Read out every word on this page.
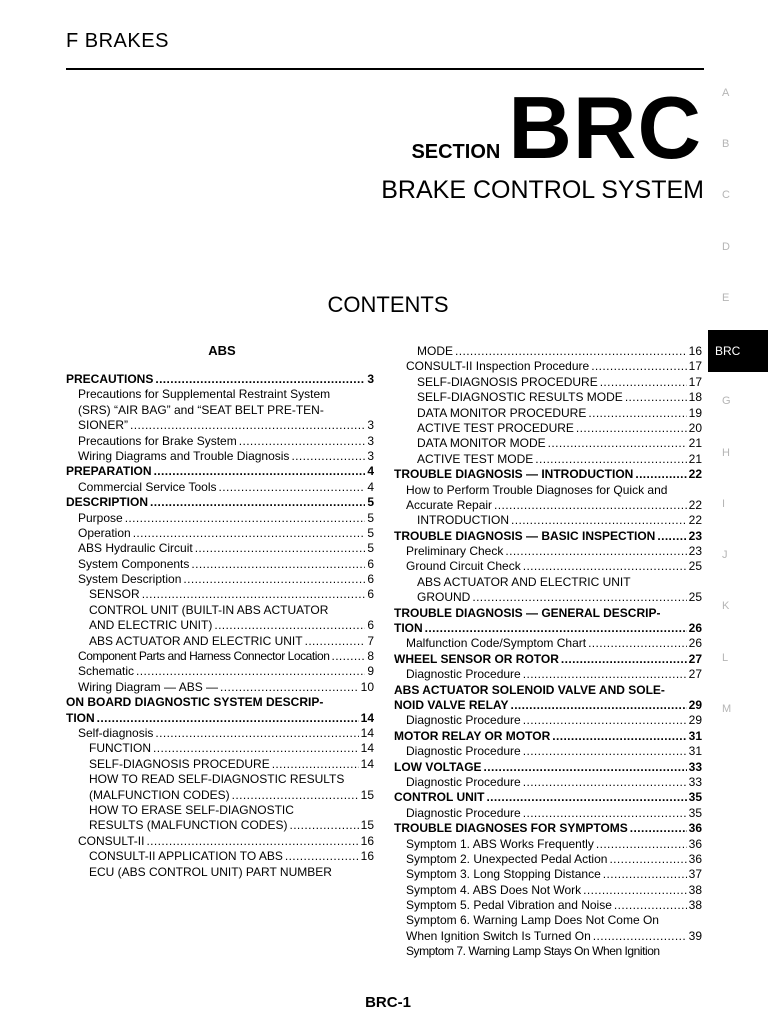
F BRAKES
SECTION BRC
BRAKE CONTROL SYSTEM
CONTENTS
ABS
PRECAUTIONS .....	3
Precautions for Supplemental Restraint System
(SRS) “AIR BAG” and “SEAT BELT PRE-TEN-
SIONER” .....	3
Precautions for Brake System .....	3
Wiring Diagrams and Trouble Diagnosis .....	3
PREPARATION .....	4
Commercial Service Tools .....	4
DESCRIPTION .....	5
Purpose .....	5
Operation .....	5
ABS Hydraulic Circuit .....	5
System Components .....	6
System Description .....	6
SENSOR .....	6
CONTROL UNIT (BUILT-IN ABS ACTUATOR
AND ELECTRIC UNIT) .....	6
ABS ACTUATOR AND ELECTRIC UNIT .....	7
Component Parts and Harness Connector Location .....	8
Schematic .....	9
Wiring Diagram — ABS — .....	10
ON BOARD DIAGNOSTIC SYSTEM DESCRIP-
TION .....	14
Self-diagnosis .....	14
FUNCTION .....	14
SELF-DIAGNOSIS PROCEDURE .....	14
HOW TO READ SELF-DIAGNOSTIC RESULTS
(MALFUNCTION CODES) .....	15
HOW TO ERASE SELF-DIAGNOSTIC
RESULTS (MALFUNCTION CODES) .....	15
CONSULT-II .....	16
CONSULT-II APPLICATION TO ABS .....	16
ECU (ABS CONTROL UNIT) PART NUMBER
MODE .....	16
CONSULT-II Inspection Procedure .....	17
SELF-DIAGNOSIS PROCEDURE .....	17
SELF-DIAGNOSTIC RESULTS MODE .....	18
DATA MONITOR PROCEDURE .....	19
ACTIVE TEST PROCEDURE .....	20
DATA MONITOR MODE .....	21
ACTIVE TEST MODE .....	21
TROUBLE DIAGNOSIS — INTRODUCTION .....	22
How to Perform Trouble Diagnoses for Quick and
Accurate Repair .....	22
INTRODUCTION .....	22
TROUBLE DIAGNOSIS — BASIC INSPECTION .....	23
Preliminary Check .....	23
Ground Circuit Check .....	25
ABS ACTUATOR AND ELECTRIC UNIT
GROUND .....	25
TROUBLE DIAGNOSIS — GENERAL DESCRIP-
TION .....	26
Malfunction Code/Symptom Chart .....	26
WHEEL SENSOR OR ROTOR .....	27
Diagnostic Procedure .....	27
ABS ACTUATOR SOLENOID VALVE AND SOLE-
NOID VALVE RELAY .....	29
Diagnostic Procedure .....	29
MOTOR RELAY OR MOTOR .....	31
Diagnostic Procedure .....	31
LOW VOLTAGE .....	33
Diagnostic Procedure .....	33
CONTROL UNIT .....	35
Diagnostic Procedure .....	35
TROUBLE DIAGNOSES FOR SYMPTOMS .....	36
Symptom 1. ABS Works Frequently .....	36
Symptom 2. Unexpected Pedal Action .....	36
Symptom 3. Long Stopping Distance .....	37
Symptom 4. ABS Does Not Work .....	38
Symptom 5. Pedal Vibration and Noise .....	38
Symptom 6. Warning Lamp Does Not Come On
When Ignition Switch Is Turned On .....	39
Symptom 7. Warning Lamp Stays On When Ignition
A
B
C
D
E
G
H
I
J
K
L
M
BRC
BRC-1
